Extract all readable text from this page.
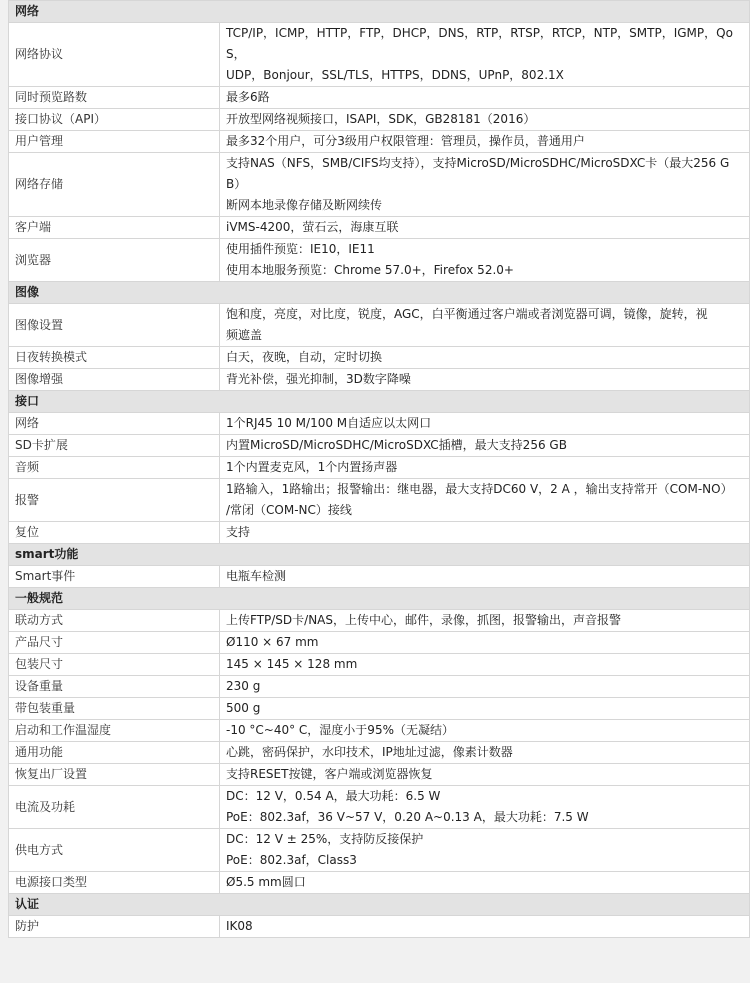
网络	
网络协议	TCP/IP，ICMP，HTTP，FTP，DHCP，DNS，RTP，RTSP，RTCP，NTP，SMTP，IGMP，QoS，
UDP，Bonjour，SSL/TLS，HTTPS，DDNS，UPnP，802.1X

同时预览路数	最多6路

接口协议（API）	开放型网络视频接口，ISAPI，SDK，GB28181（2016）

用户管理	最多32个用户，可分3级用户权限管理：管理员，操作员，普通用户

网络存储	支持NAS（NFS，SMB/CIFS均支持），支持MicroSD/MicroSDHC/MicroSDXC卡（最大256 GB）
断网本地录像存储及断网续传

客户端	iVMS-4200，萤石云，海康互联

浏览器	使用插件预览：IE10，IE11
使用本地服务预览：Chrome 57.0+，Firefox 52.0+

图像	
图像设置	饱和度，亮度，对比度，锐度，AGC，白平衡通过客户端或者浏览器可调，镜像，旋转，视
频遮盖

日夜转换模式	白天，夜晚，自动，定时切换

图像增强	背光补偿，强光抑制，3D数字降噪

接口	
网络	1个RJ45 10 M/100 M自适应以太网口

SD卡扩展	内置MicroSD/MicroSDHC/MicroSDXC插槽，最大支持256 GB

音频	1个内置麦克风，1个内置扬声器

报警	1路输入，1路输出；报警输出：继电器，最大支持DC60 V，2 A ，输出支持常开（COM-NO）
/常闭（COM-NC）接线

复位	支持

smart功能	
Smart事件	电瓶车检测

一般规范	
联动方式	上传FTP/SD卡/NAS，上传中心，邮件，录像，抓图，报警输出，声音报警

产品尺寸	Ø110 × 67 mm

包装尺寸	145 × 145 × 128 mm

设备重量	230 g

带包装重量	500 g

启动和工作温湿度	-10 °C~40° C，湿度小于95%（无凝结）

通用功能	心跳，密码保护，水印技术，IP地址过滤，像素计数器

恢复出厂设置	支持RESET按键，客户端或浏览器恢复

电流及功耗	DC：12 V，0.54 A，最大功耗：6.5 W
PoE：802.3af，36 V~57 V，0.20 A~0.13 A，最大功耗：7.5 W

供电方式	DC：12 V ± 25%，支持防反接保护
PoE：802.3af，Class3

电源接口类型	Ø5.5 mm圆口

认证	
防护	IK08
